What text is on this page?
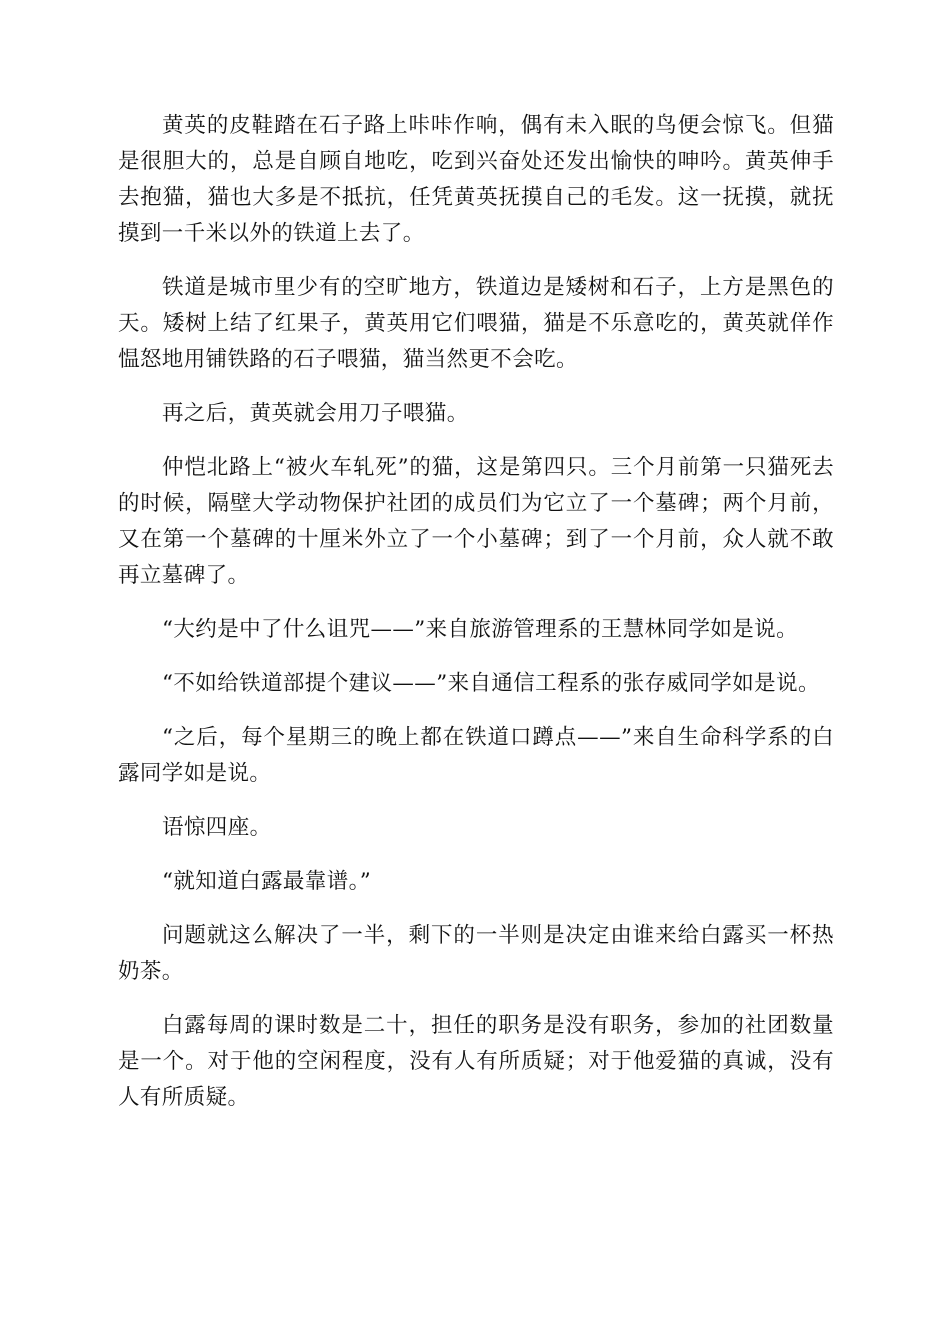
黄英的皮鞋踏在石子路上咔咔作响，偶有未入眠的鸟便会惊飞。但猫是很胆大的，总是自顾自地吃，吃到兴奋处还发出愉快的呻吟。黄英伸手去抱猫，猫也大多是不抵抗，任凭黄英抚摸自己的毛发。这一抚摸，就抚摸到一千米以外的铁道上去了。

铁道是城市里少有的空旷地方，铁道边是矮树和石子，上方是黑色的天。矮树上结了红果子，黄英用它们喂猫，猫是不乐意吃的，黄英就佯作愠怒地用铺铁路的石子喂猫，猫当然更不会吃。

再之后，黄英就会用刀子喂猫。

仲恺北路上“被火车轧死”的猫，这是第四只。三个月前第一只猫死去的时候，隔壁大学动物保护社团的成员们为它立了一个墓碑；两个月前，又在第一个墓碑的十厘米外立了一个小墓碑；到了一个月前，众人就不敢再立墓碑了。

“大约是中了什么诅咒——”来自旅游管理系的王慧林同学如是说。

“不如给铁道部提个建议——”来自通信工程系的张存威同学如是说。

“之后，每个星期三的晚上都在铁道口蹲点——”来自生命科学系的白露同学如是说。

语惊四座。

“就知道白露最靠谱。”

问题就这么解决了一半，剩下的一半则是决定由谁来给白露买一杯热奶茶。

白露每周的课时数是二十，担任的职务是没有职务，参加的社团数量是一个。对于他的空闲程度，没有人有所质疑；对于他爱猫的真诚，没有人有所质疑。
